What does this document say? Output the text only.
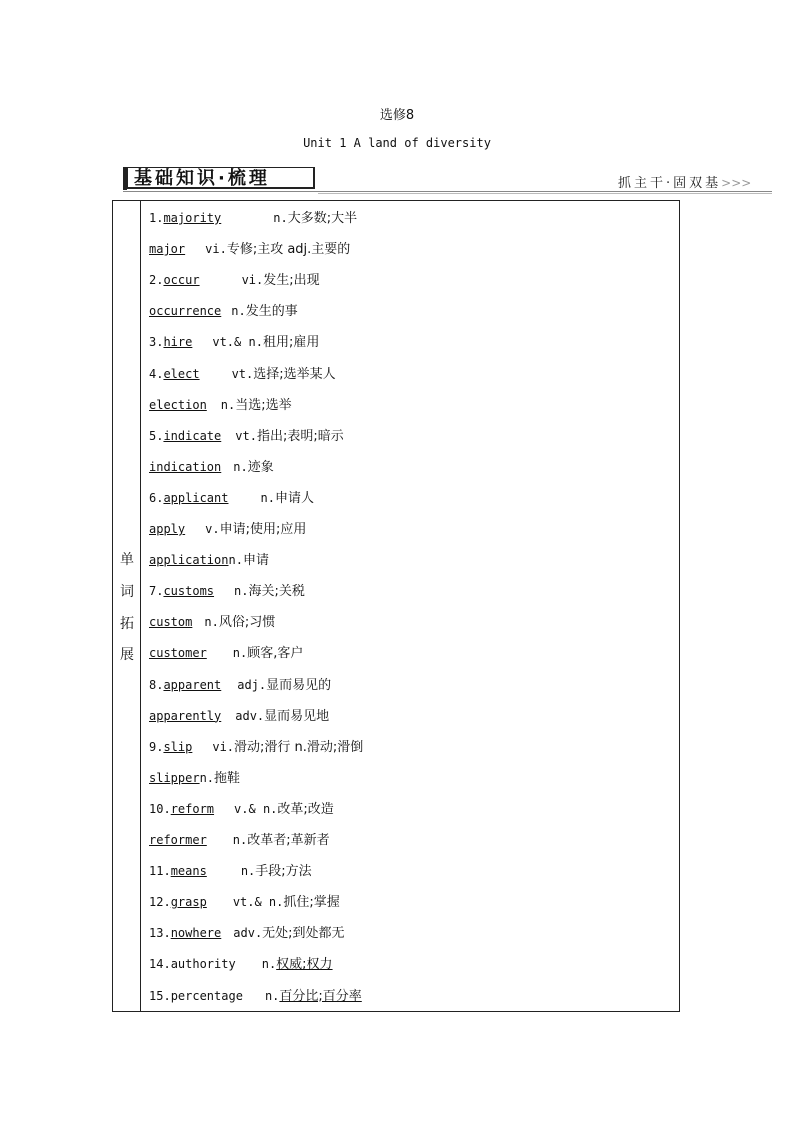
选修8
Unit 1 A land of diversity
基础知识·梳理	抓主干·固双基>>>
单
词
拓
展
1.majority	n.大多数;大半
major vi.专修;主攻 adj.主要的
2.occur	vi.发生;出现
occurrence n.发生的事
3.hire vt.& n.租用;雇用
4.elect	vt.选择;选举某人
election n.当选;选举
5.indicate vt.指出;表明;暗示
indication n.迹象
6.applicant	n.申请人
apply v.申请;使用;应用
applicationn.申请
7.customs n.海关;关税
custom n.风俗;习惯
customer n.顾客,客户
8.apparent adj.显而易见的
apparently adv.显而易见地
9.slip vi.滑动;滑行 n.滑动;滑倒
slippern.拖鞋
10.reform v.& n.改革;改造
reformer n.改革者;革新者
11.means	n.手段;方法
12.grasp vt.& n.抓住;掌握
13.nowhere adv.无处;到处都无
14.authority n.权威;权力
15.percentage n.百分比;百分率
